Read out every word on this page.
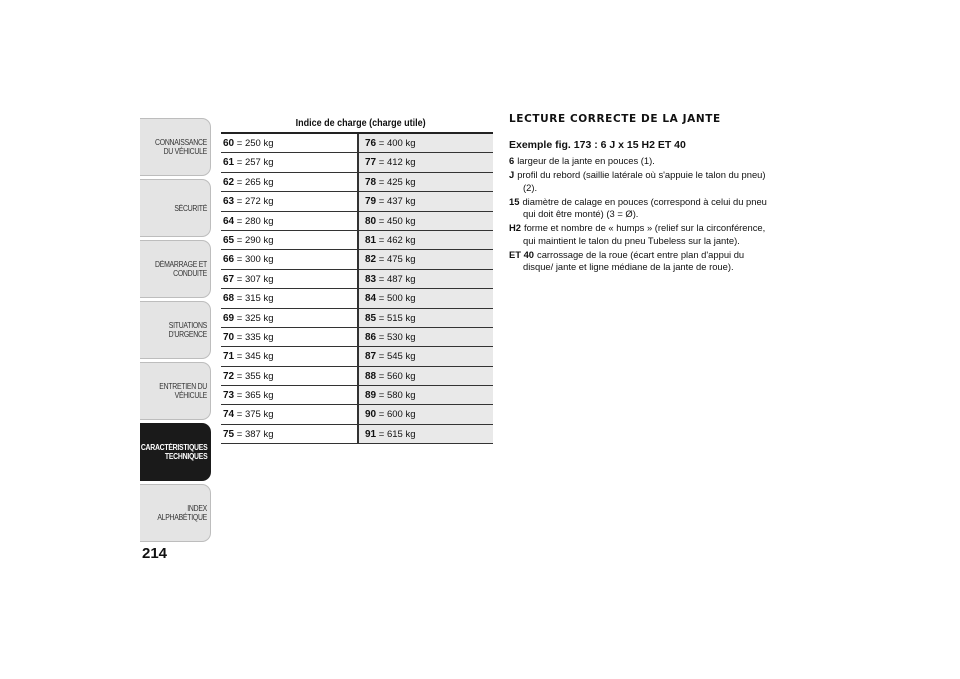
CONNAISSANCE DU VÉHICULE
SÉCURITÉ
DÉMARRAGE ET CONDUITE
SITUATIONS D'URGENCE
ENTRETIEN DU VÉHICULE
CARACTÉRISTIQUES TECHNIQUES
INDEX ALPHABÉTIQUE
214
Indice de charge (charge utile)
60 = 250 kg
61 = 257 kg
62 = 265 kg
63 = 272 kg
64 = 280 kg
65 = 290 kg
66 = 300 kg
67 = 307 kg
68 = 315 kg
69 = 325 kg
70 = 335 kg
71 = 345 kg
72 = 355 kg
73 = 365 kg
74 = 375 kg
75 = 387 kg
76 = 400 kg
77 = 412 kg
78 = 425 kg
79 = 437 kg
80 = 450 kg
81 = 462 kg
82 = 475 kg
83 = 487 kg
84 = 500 kg
85 = 515 kg
86 = 530 kg
87 = 545 kg
88 = 560 kg
89 = 580 kg
90 = 600 kg
91 = 615 kg
LECTURE CORRECTE DE LA JANTE
Exemple fig. 173 : 6 J x 15 H2 ET 40
6 largeur de la jante en pouces (1).
J profil du rebord (saillie latérale où s'appuie le talon du pneu) (2).
15 diamètre de calage en pouces (correspond à celui du pneu qui doit être monté) (3 = Ø).
H2 forme et nombre de « humps » (relief sur la circonférence, qui maintient le talon du pneu Tubeless sur la jante).
ET 40 carrossage de la roue (écart entre plan d'appui du disque/ jante et ligne médiane de la jante de roue).
